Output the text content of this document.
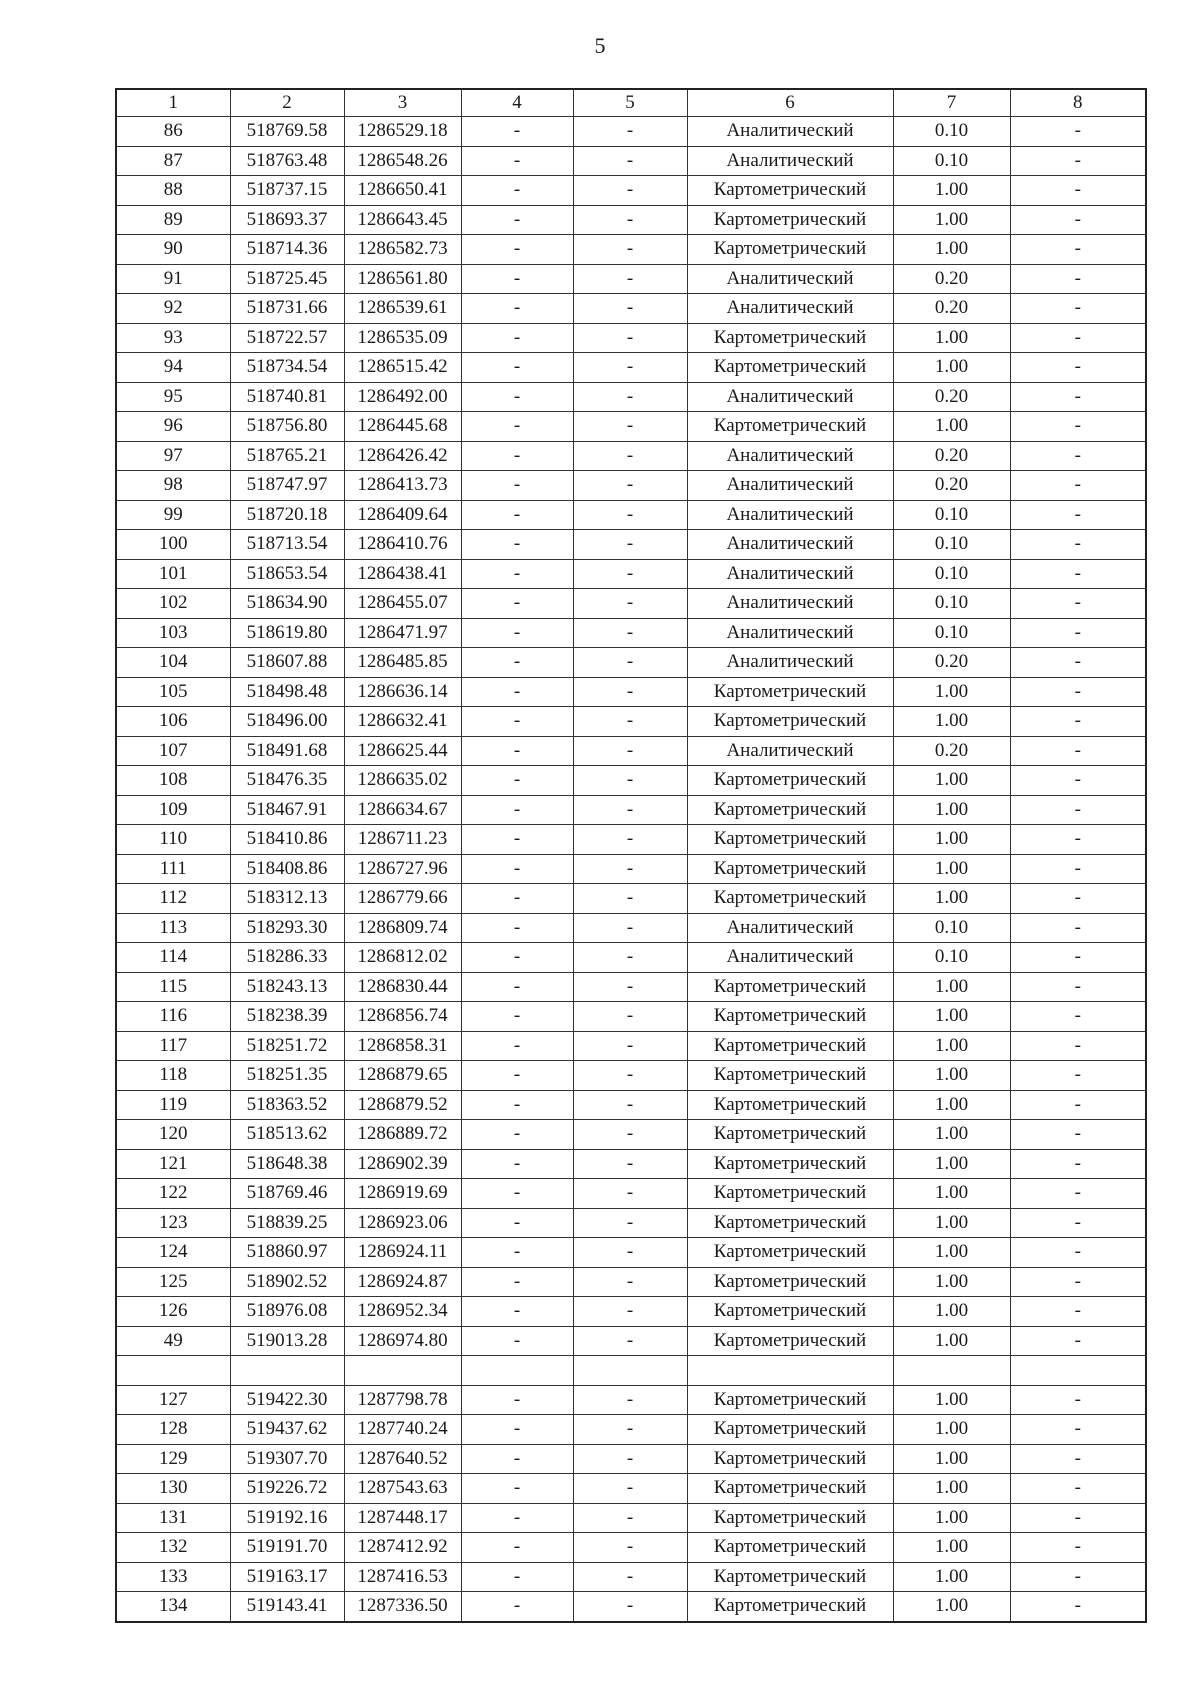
5
1	2	3	4	5	6	7	8
86	518769.58	1286529.18	-	-	Аналитический	0.10	-
87	518763.48	1286548.26	-	-	Аналитический	0.10	-
88	518737.15	1286650.41	-	-	Картометрический	1.00	-
89	518693.37	1286643.45	-	-	Картометрический	1.00	-
90	518714.36	1286582.73	-	-	Картометрический	1.00	-
91	518725.45	1286561.80	-	-	Аналитический	0.20	-
92	518731.66	1286539.61	-	-	Аналитический	0.20	-
93	518722.57	1286535.09	-	-	Картометрический	1.00	-
94	518734.54	1286515.42	-	-	Картометрический	1.00	-
95	518740.81	1286492.00	-	-	Аналитический	0.20	-
96	518756.80	1286445.68	-	-	Картометрический	1.00	-
97	518765.21	1286426.42	-	-	Аналитический	0.20	-
98	518747.97	1286413.73	-	-	Аналитический	0.20	-
99	518720.18	1286409.64	-	-	Аналитический	0.10	-
100	518713.54	1286410.76	-	-	Аналитический	0.10	-
101	518653.54	1286438.41	-	-	Аналитический	0.10	-
102	518634.90	1286455.07	-	-	Аналитический	0.10	-
103	518619.80	1286471.97	-	-	Аналитический	0.10	-
104	518607.88	1286485.85	-	-	Аналитический	0.20	-
105	518498.48	1286636.14	-	-	Картометрический	1.00	-
106	518496.00	1286632.41	-	-	Картометрический	1.00	-
107	518491.68	1286625.44	-	-	Аналитический	0.20	-
108	518476.35	1286635.02	-	-	Картометрический	1.00	-
109	518467.91	1286634.67	-	-	Картометрический	1.00	-
110	518410.86	1286711.23	-	-	Картометрический	1.00	-
111	518408.86	1286727.96	-	-	Картометрический	1.00	-
112	518312.13	1286779.66	-	-	Картометрический	1.00	-
113	518293.30	1286809.74	-	-	Аналитический	0.10	-
114	518286.33	1286812.02	-	-	Аналитический	0.10	-
115	518243.13	1286830.44	-	-	Картометрический	1.00	-
116	518238.39	1286856.74	-	-	Картометрический	1.00	-
117	518251.72	1286858.31	-	-	Картометрический	1.00	-
118	518251.35	1286879.65	-	-	Картометрический	1.00	-
119	518363.52	1286879.52	-	-	Картометрический	1.00	-
120	518513.62	1286889.72	-	-	Картометрический	1.00	-
121	518648.38	1286902.39	-	-	Картометрический	1.00	-
122	518769.46	1286919.69	-	-	Картометрический	1.00	-
123	518839.25	1286923.06	-	-	Картометрический	1.00	-
124	518860.97	1286924.11	-	-	Картометрический	1.00	-
125	518902.52	1286924.87	-	-	Картометрический	1.00	-
126	518976.08	1286952.34	-	-	Картометрический	1.00	-
49	519013.28	1286974.80	-	-	Картометрический	1.00	-

127	519422.30	1287798.78	-	-	Картометрический	1.00	-
128	519437.62	1287740.24	-	-	Картометрический	1.00	-
129	519307.70	1287640.52	-	-	Картометрический	1.00	-
130	519226.72	1287543.63	-	-	Картометрический	1.00	-
131	519192.16	1287448.17	-	-	Картометрический	1.00	-
132	519191.70	1287412.92	-	-	Картометрический	1.00	-
133	519163.17	1287416.53	-	-	Картометрический	1.00	-
134	519143.41	1287336.50	-	-	Картометрический	1.00	-
